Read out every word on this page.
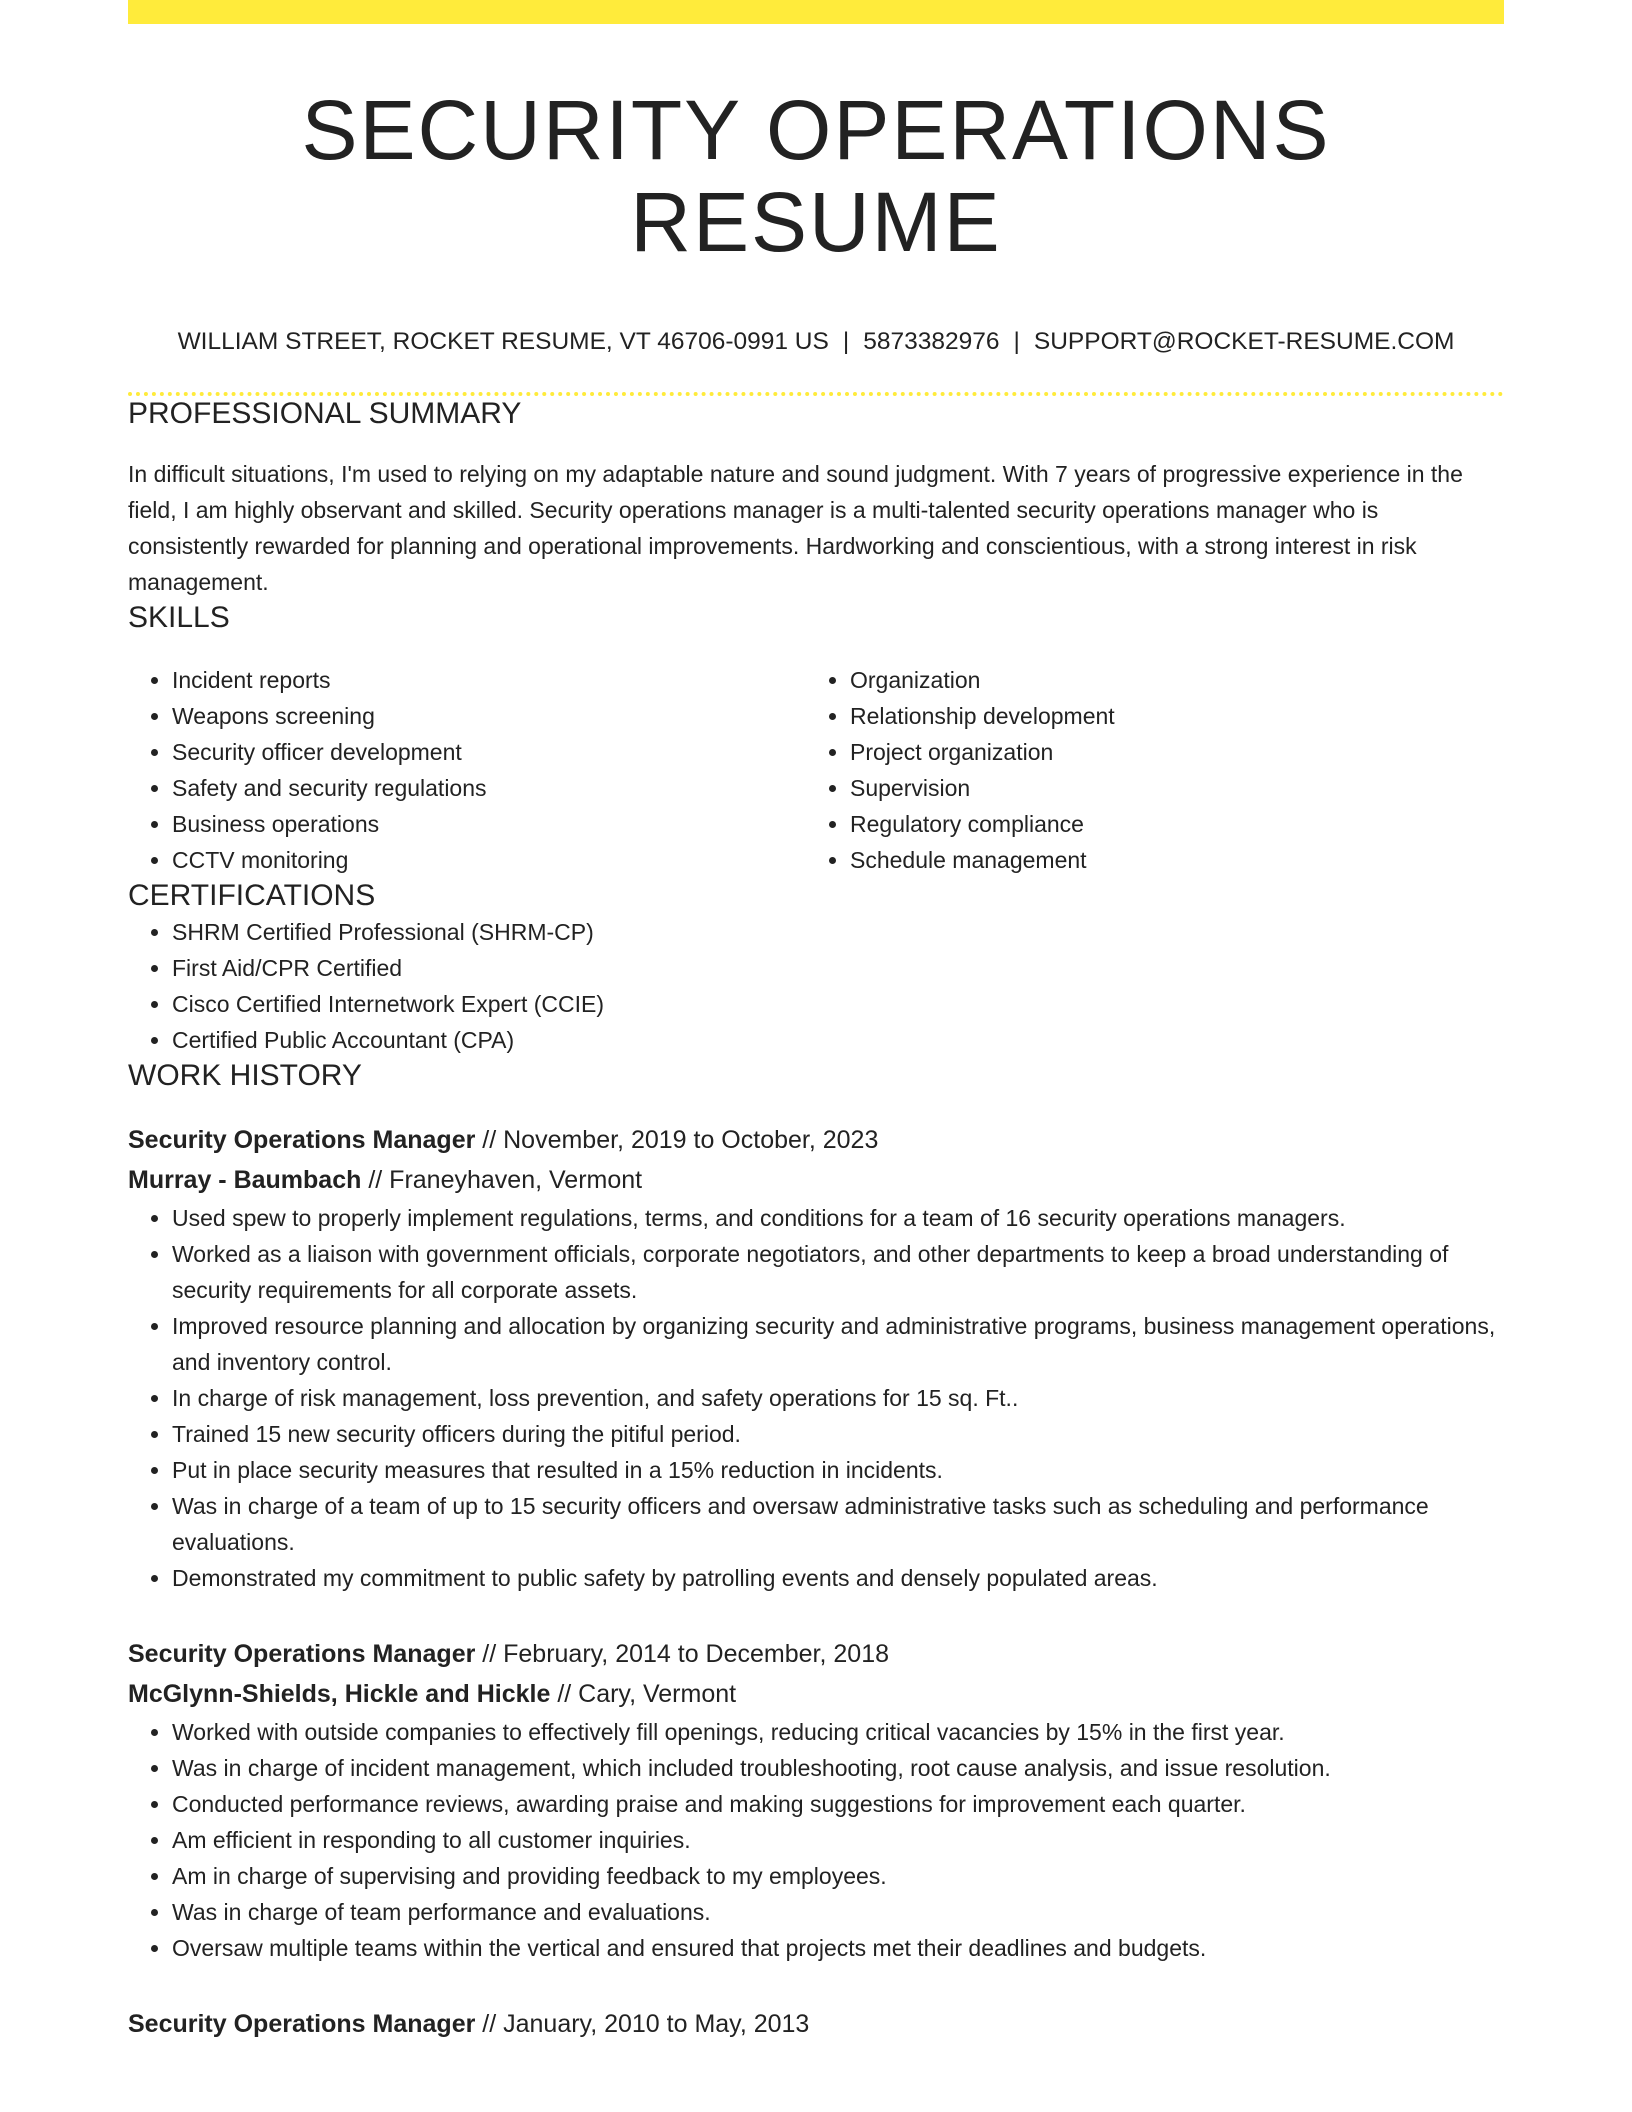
SECURITY OPERATIONS RESUME
WILLIAM STREET, ROCKET RESUME, VT 46706-0991 US | 5873382976 | SUPPORT@ROCKET-RESUME.COM
PROFESSIONAL SUMMARY

In difficult situations, I'm used to relying on my adaptable nature and sound judgment. With 7 years of progressive experience in the field, I am highly observant and skilled. Security operations manager is a multi-talented security operations manager who is consistently rewarded for planning and operational improvements. Hardworking and conscientious, with a strong interest in risk management.

SKILLS
• Incident reports
• Weapons screening
• Security officer development
• Safety and security regulations
• Business operations
• CCTV monitoring
• Organization
• Relationship development
• Project organization
• Supervision
• Regulatory compliance
• Schedule management
CERTIFICATIONS
• SHRM Certified Professional (SHRM-CP)
• First Aid/CPR Certified
• Cisco Certified Internetwork Expert (CCIE)
• Certified Public Accountant (CPA)
WORK HISTORY
Security Operations Manager // November, 2019 to October, 2023
Murray - Baumbach // Franeyhaven, Vermont
• Used spew to properly implement regulations, terms, and conditions for a team of 16 security operations managers.
• Worked as a liaison with government officials, corporate negotiators, and other departments to keep a broad understanding of security requirements for all corporate assets.
• Improved resource planning and allocation by organizing security and administrative programs, business management operations, and inventory control.
• In charge of risk management, loss prevention, and safety operations for 15 sq. Ft..
• Trained 15 new security officers during the pitiful period.
• Put in place security measures that resulted in a 15% reduction in incidents.
• Was in charge of a team of up to 15 security officers and oversaw administrative tasks such as scheduling and performance evaluations.
• Demonstrated my commitment to public safety by patrolling events and densely populated areas.
Security Operations Manager // February, 2014 to December, 2018
McGlynn-Shields, Hickle and Hickle // Cary, Vermont
• Worked with outside companies to effectively fill openings, reducing critical vacancies by 15% in the first year.
• Was in charge of incident management, which included troubleshooting, root cause analysis, and issue resolution.
• Conducted performance reviews, awarding praise and making suggestions for improvement each quarter.
• Am efficient in responding to all customer inquiries.
• Am in charge of supervising and providing feedback to my employees.
• Was in charge of team performance and evaluations.
• Oversaw multiple teams within the vertical and ensured that projects met their deadlines and budgets.
Security Operations Manager // January, 2010 to May, 2013
